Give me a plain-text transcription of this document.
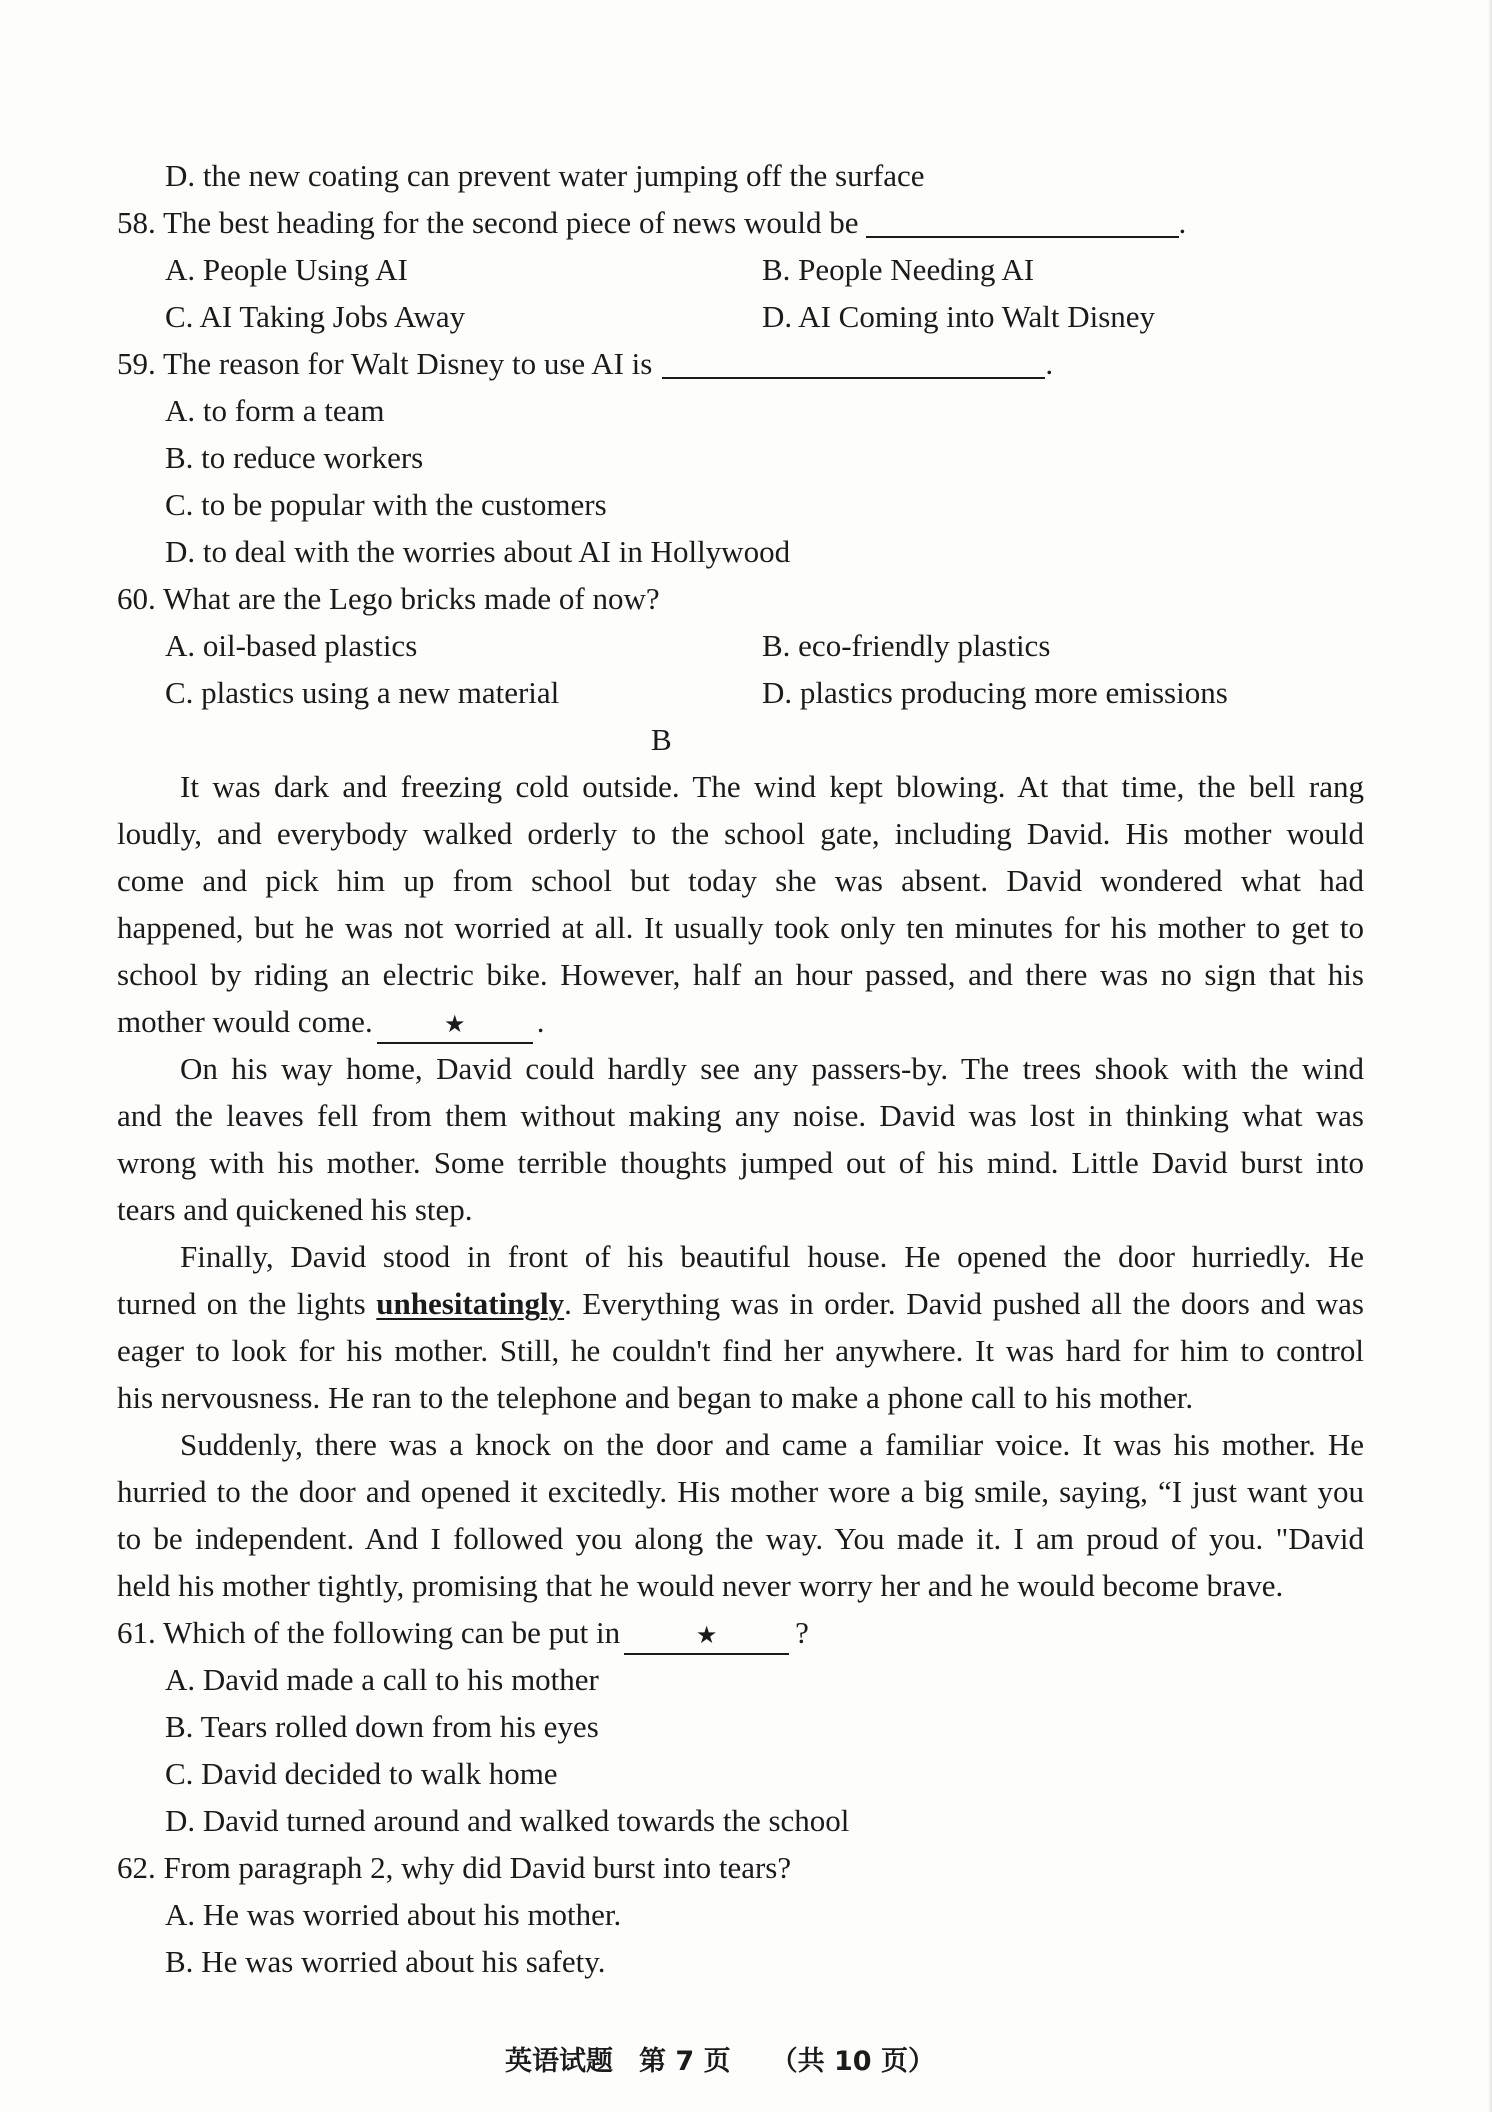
D. the new coating can prevent water jumping off the surface
58. The best heading for the second piece of news would be	.
A. People Using AI	B. People Needing AI
C. AI Taking Jobs Away	D. AI Coming into Walt Disney
59. The reason for Walt Disney to use AI is	.
A. to form a team
B. to reduce workers
C. to be popular with the customers
D. to deal with the worries about AI in Hollywood
60. What are the Lego bricks made of now?
A. oil-based plastics	B. eco-friendly plastics
C. plastics using a new material	D. plastics producing more emissions
B
It was dark and freezing cold outside. The wind kept blowing. At that time, the bell rang
loudly, and everybody walked orderly to the school gate, including David. His mother would
come and pick him up from school but today she was absent. David wondered what had
happened, but he was not worried at all. It usually took only ten minutes for his mother to get to
school by riding an electric bike. However, half an hour passed, and there was no sign that his
mother would come.	★ .
On his way home, David could hardly see any passers-by. The trees shook with the wind
and the leaves fell from them without making any noise. David was lost in thinking what was
wrong with his mother. Some terrible thoughts jumped out of his mind. Little David burst into
tears and quickened his step.
Finally, David stood in front of his beautiful house. He opened the door hurriedly. He
turned on the lights unhesitatingly. Everything was in order. David pushed all the doors and was
eager to look for his mother. Still, he couldn't find her anywhere. It was hard for him to control
his nervousness. He ran to the telephone and began to make a phone call to his mother.
Suddenly, there was a knock on the door and came a familiar voice. It was his mother. He
hurried to the door and opened it excitedly. His mother wore a big smile, saying, “I just want you
to be independent. And I followed you along the way. You made it. I am proud of you. "David
held his mother tightly, promising that he would never worry her and he would become brave.
61. Which of the following can be put in	★	?
A. David made a call to his mother
B. Tears rolled down from his eyes
C. David decided to walk home
D. David turned around and walked towards the school
62. From paragraph 2, why did David burst into tears?
A. He was worried about his mother.
B. He was worried about his safety.
英语试题 第 7 页 （共 10 页）
